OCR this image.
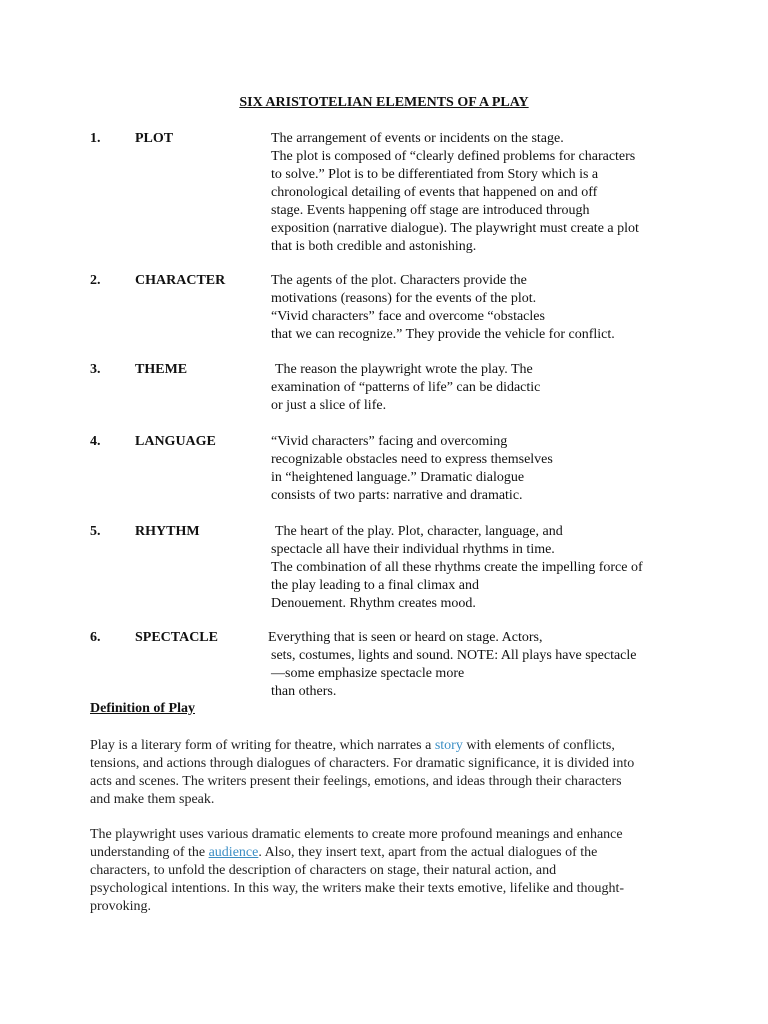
SIX ARISTOTELIAN ELEMENTS OF A PLAY
1. PLOT	The arrangement of events or incidents on the stage.
The plot is composed of “clearly defined problems for characters
to solve.” Plot is to be differentiated from Story which is a
chronological detailing of events that happened on and off
stage. Events happening off stage are introduced through
exposition (narrative dialogue). The playwright must create a plot
that is both credible and astonishing.
2. CHARACTER	The agents of the plot. Characters provide the
motivations (reasons) for the events of the plot.
“Vivid characters” face and overcome “obstacles
that we can recognize.” They provide the vehicle for conflict.
3. THEME	The reason the playwright wrote the play. The
examination of “patterns of life” can be didactic
or just a slice of life.
4. LANGUAGE	“Vivid characters” facing and overcoming
recognizable obstacles need to express themselves
in “heightened language.” Dramatic dialogue
consists of two parts: narrative and dramatic.
5. RHYTHM	The heart of the play. Plot, character, language, and
spectacle all have their individual rhythms in time.
The combination of all these rhythms create the impelling force of
the play leading to a final climax and
Denouement. Rhythm creates mood.
6. SPECTACLE	Everything that is seen or heard on stage. Actors,
sets, costumes, lights and sound. NOTE: All plays have spectacle
—some emphasize spectacle more
than others.
Definition of Play
Play is a literary form of writing for theatre, which narrates a story with elements of conflicts,
tensions, and actions through dialogues of characters. For dramatic significance, it is divided into
acts and scenes. The writers present their feelings, emotions, and ideas through their characters
and make them speak.
The playwright uses various dramatic elements to create more profound meanings and enhance
understanding of the audience. Also, they insert text, apart from the actual dialogues of the
characters, to unfold the description of characters on stage, their natural action, and
psychological intentions. In this way, the writers make their texts emotive, lifelike and thought-
provoking.
